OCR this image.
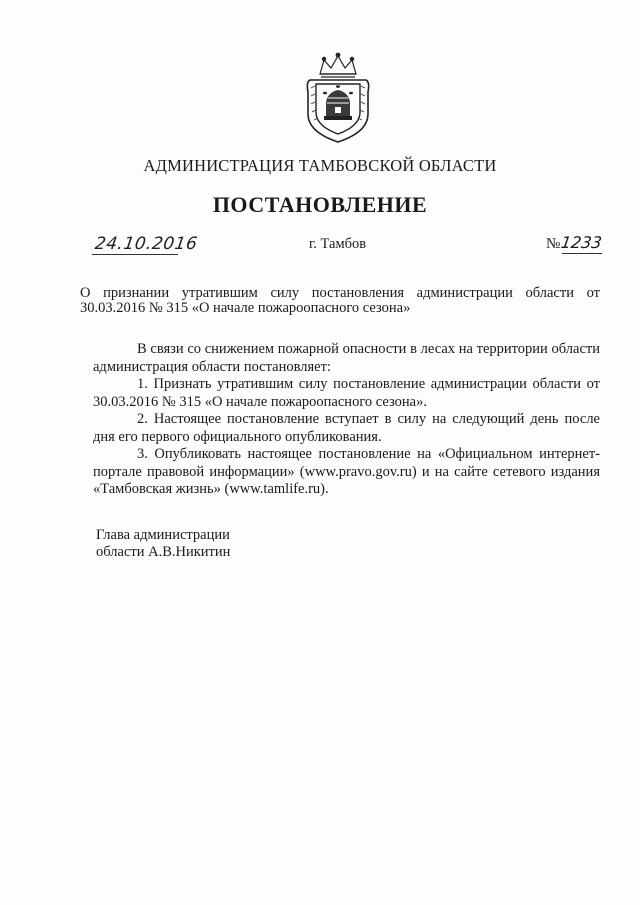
АДМИНИСТРАЦИЯ ТАМБОВСКОЙ ОБЛАСТИ
ПОСТАНОВЛЕНИЕ
24.10.2016	г. Тамбов	№1233
О признании утратившим силу постановления администрации области от 30.03.2016 № 315 «О начале пожароопасного сезона»

В связи со снижением пожарной опасности в лесах на территории области администрация области постановляет:

1. Признать утратившим силу постановление администрации области от 30.03.2016 № 315 «О начале пожароопасного сезона».

2. Настоящее постановление вступает в силу на следующий день после дня его первого официального опубликования.

3. Опубликовать настоящее постановление на «Официальном интернет-портале правовой информации» (www.pravo.gov.ru) и на сайте сетевого издания «Тамбовская жизнь» (www.tamlife.ru).

Глава администрации
области А.В.Никитин
